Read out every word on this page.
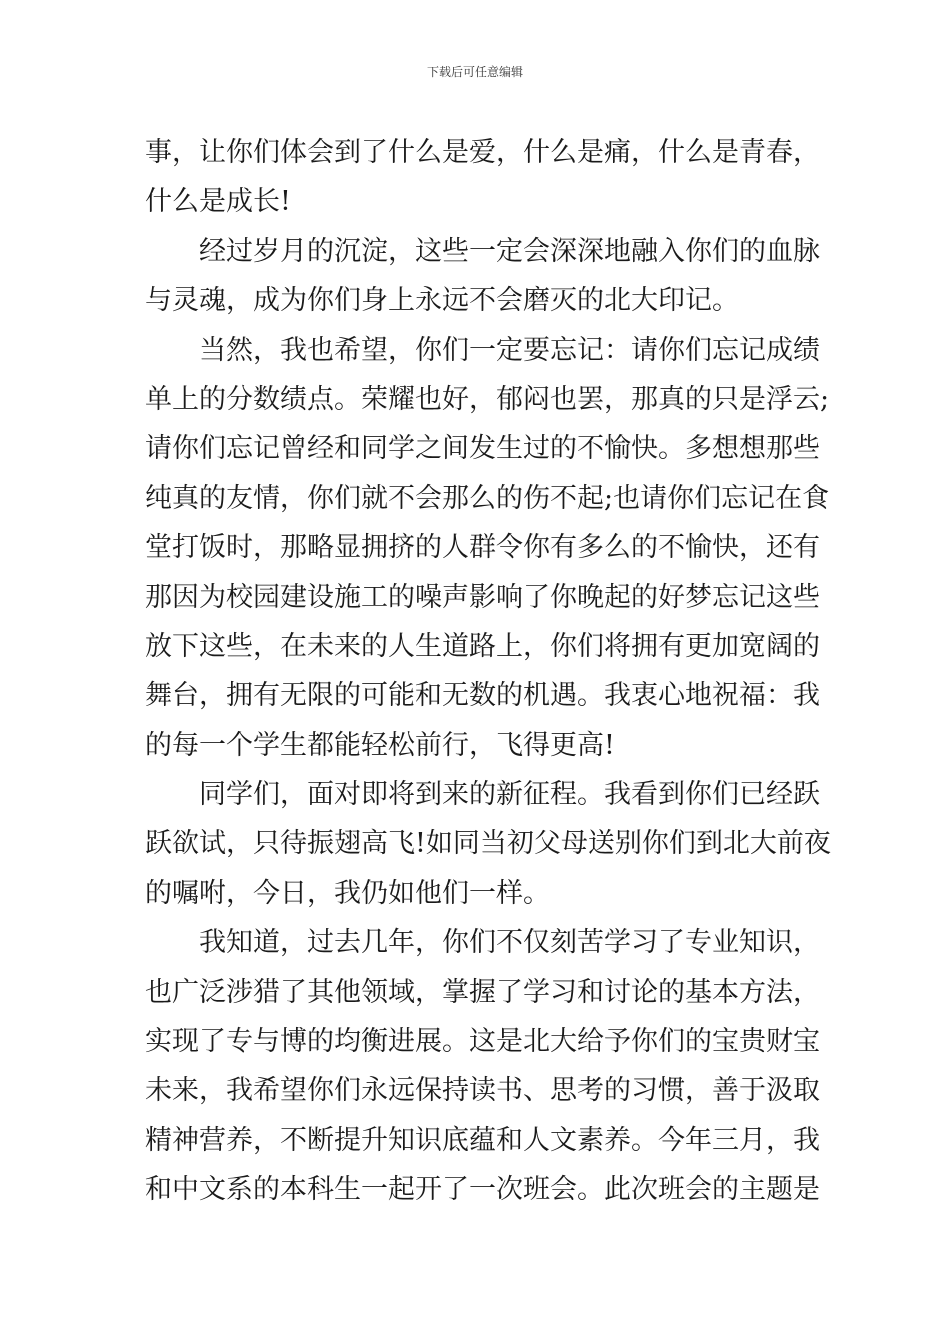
下载后可任意编辑
事，让你们体会到了什么是爱，什么是痛，什么是青春，
什么是成长!
经过岁月的沉淀，这些一定会深深地融入你们的血脉
与灵魂，成为你们身上永远不会磨灭的北大印记。
当然，我也希望，你们一定要忘记：请你们忘记成绩
单上的分数绩点。荣耀也好，郁闷也罢，那真的只是浮云;
请你们忘记曾经和同学之间发生过的不愉快。多想想那些
纯真的友情，你们就不会那么的伤不起;也请你们忘记在食
堂打饭时，那略显拥挤的人群令你有多么的不愉快，还有
那因为校园建设施工的噪声影响了你晚起的好梦忘记这些
放下这些，在未来的人生道路上，你们将拥有更加宽阔的
舞台，拥有无限的可能和无数的机遇。我衷心地祝福：我
的每一个学生都能轻松前行，飞得更高!
同学们，面对即将到来的新征程。我看到你们已经跃
跃欲试，只待振翅高飞!如同当初父母送别你们到北大前夜
的嘱咐，今日，我仍如他们一样。
我知道，过去几年，你们不仅刻苦学习了专业知识，
也广泛涉猎了其他领域，掌握了学习和讨论的基本方法，
实现了专与博的均衡进展。这是北大给予你们的宝贵财宝
未来，我希望你们永远保持读书、思考的习惯，善于汲取
精神营养，不断提升知识底蕴和人文素养。今年三月，我
和中文系的本科生一起开了一次班会。此次班会的主题是
